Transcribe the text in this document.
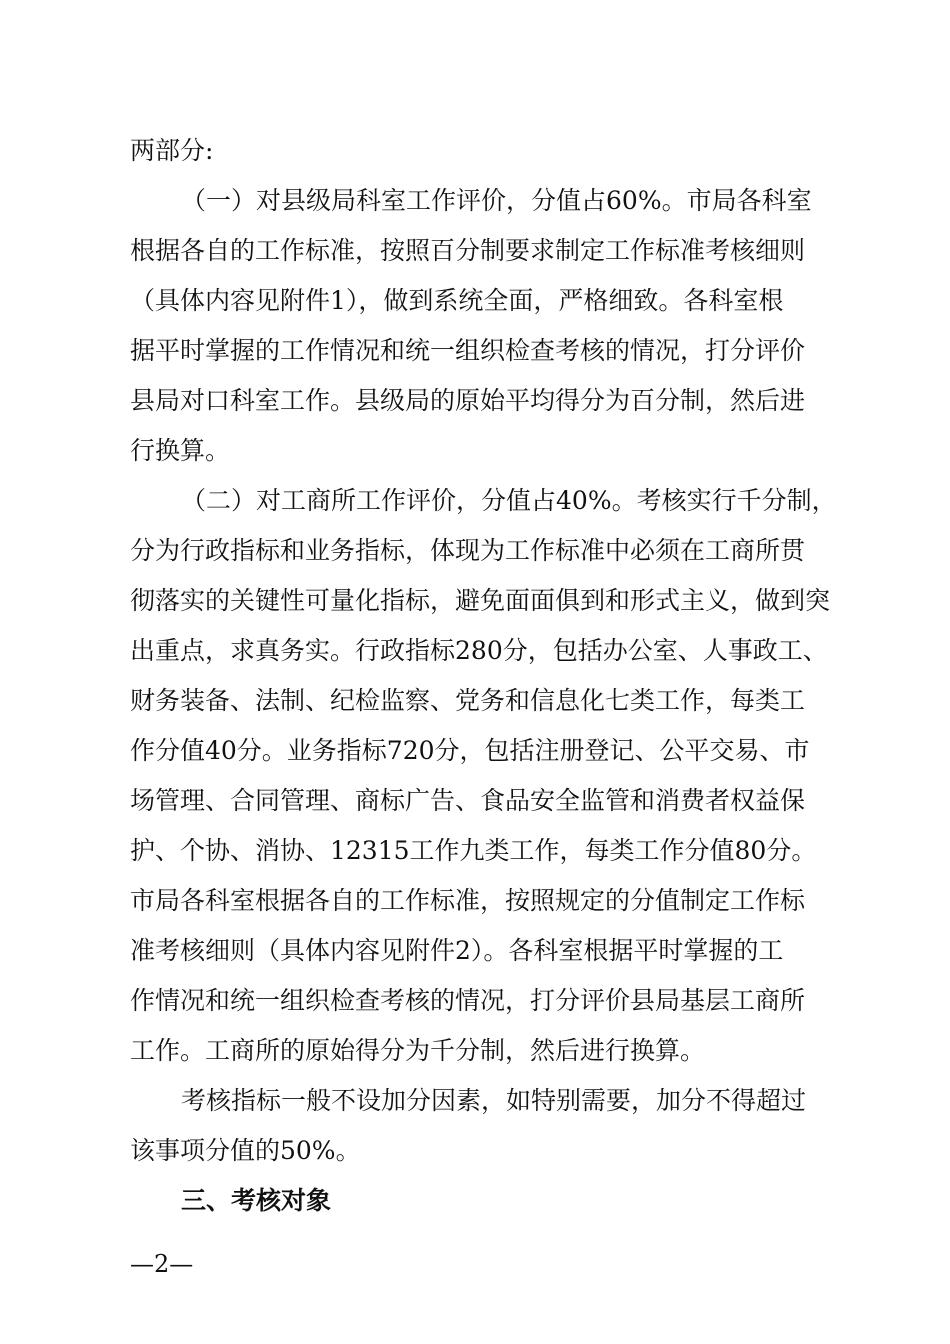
两部分:
（一）对县级局科室工作评价，分值占60%。市局各科室
根据各自的工作标准，按照百分制要求制定工作标准考核细则
（具体内容见附件1），做到系统全面，严格细致。各科室根
据平时掌握的工作情况和统一组织检查考核的情况，打分评价
县局对口科室工作。县级局的原始平均得分为百分制，然后进
行换算。
（二）对工商所工作评价，分值占40%。考核实行千分制，
分为行政指标和业务指标，体现为工作标准中必须在工商所贯
彻落实的关键性可量化指标，避免面面俱到和形式主义，做到突
出重点，求真务实。行政指标280分，包括办公室、人事政工、
财务装备、法制、纪检监察、党务和信息化七类工作，每类工
作分值40分。业务指标720分，包括注册登记、公平交易、市
场管理、合同管理、商标广告、食品安全监管和消费者权益保
护、个协、消协、12315工作九类工作，每类工作分值80分。
市局各科室根据各自的工作标准，按照规定的分值制定工作标
准考核细则（具体内容见附件2）。各科室根据平时掌握的工
作情况和统一组织检查考核的情况，打分评价县局基层工商所
工作。工商所的原始得分为千分制，然后进行换算。
考核指标一般不设加分因素，如特别需要，加分不得超过
该事项分值的50%。
三、考核对象
—2—
